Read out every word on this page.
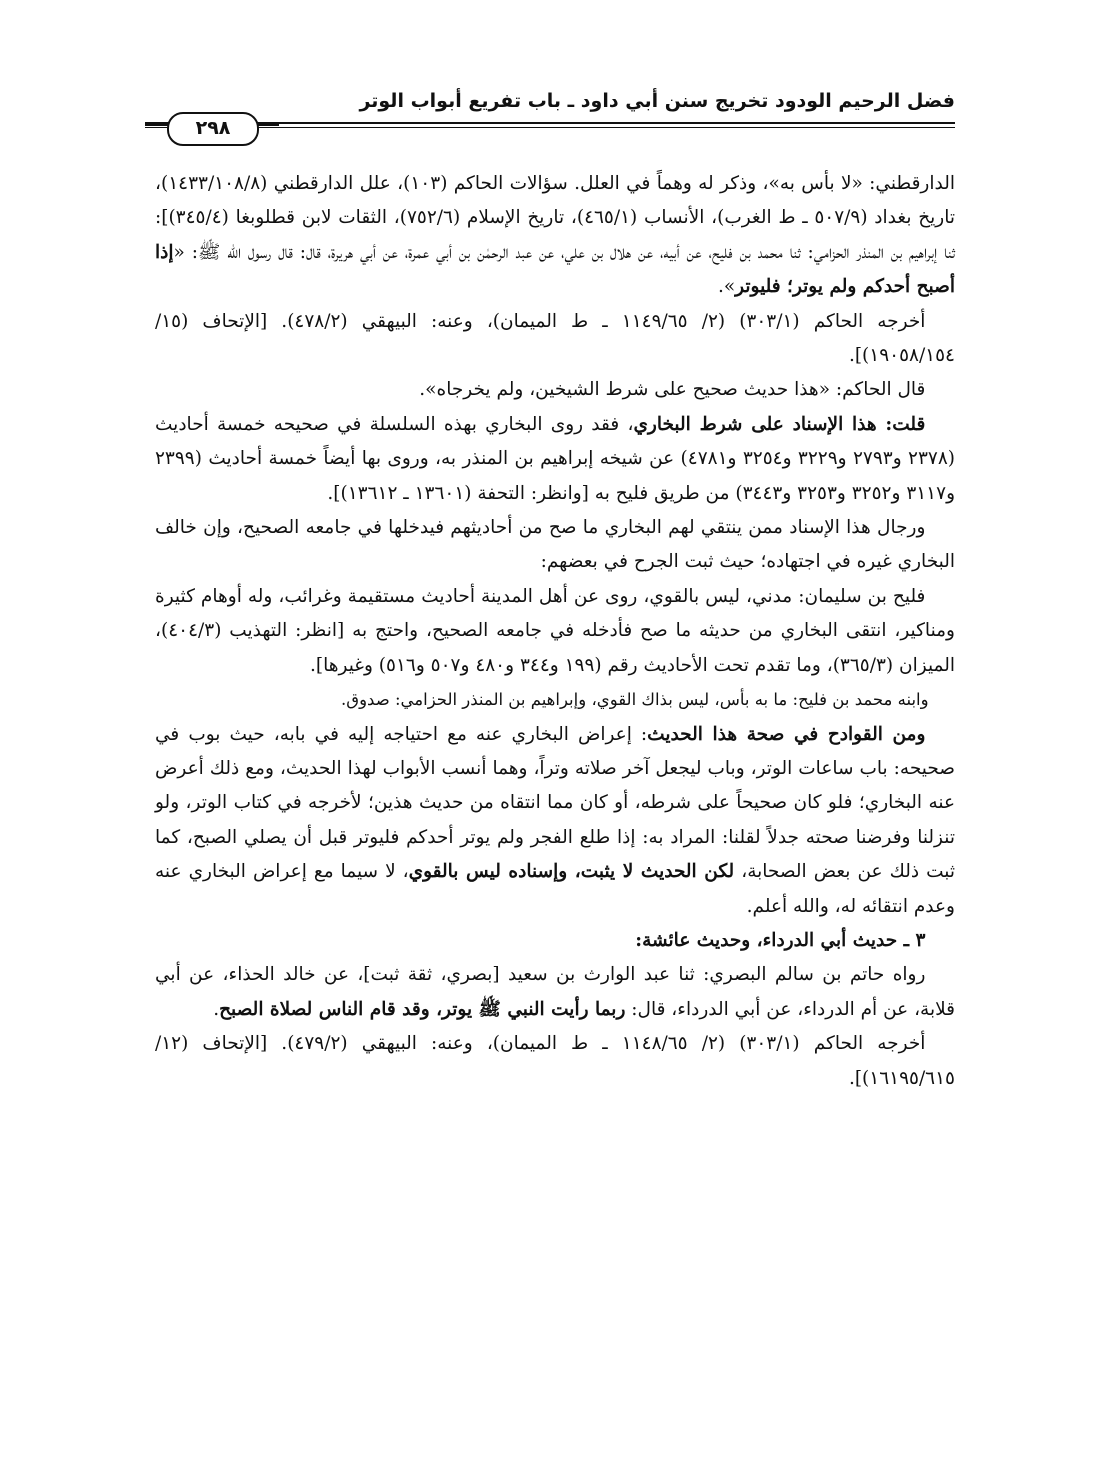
فضل الرحيم الودود تخريج سنن أبي داود ـ باب تفريع أبواب الوتر
٢٩٨

الدارقطني: «لا بأس به»، وذكر له وهماً في العلل. سؤالات الحاكم (١٠٣)، علل الدارقطني (١٤٣٣/١٠٨/٨)، تاريخ بغداد (٥٠٧/٩ ـ ط الغرب)، الأنساب (٤٦٥/١)، تاريخ الإسلام (٧٥٢/٦)، الثقات لابن قطلوبغا (٣٤٥/٤)]: ثنا إبراهيم بن المنذر الحزامي: ثنا محمد بن فليح، عن أبيه، عن هلال بن علي، عن عبد الرحمٰن بن أبي عمرة، عن أبي هريرة، قال: قال رسول الله ﷺ: «إذا أصبح أحدكم ولم يوتر؛ فليوتر».

أخرجه الحاكم (٣٠٣/١) (٢/ ١١٤٩/٦٥ ـ ط الميمان)، وعنه: البيهقي (٤٧٨/٢). [الإتحاف (١٥/ ١٩٠٥٨/١٥٤)].

قال الحاكم: «هذا حديث صحيح على شرط الشيخين، ولم يخرجاه».

قلت: هذا الإسناد على شرط البخاري، فقد روى البخاري بهذه السلسلة في صحيحه خمسة أحاديث (٢٣٧٨ و٢٧٩٣ و٣٢٢٩ و٣٢٥٤ و٤٧٨١) عن شيخه إبراهيم بن المنذر به، وروى بها أيضاً خمسة أحاديث (٢٣٩٩ و٣١١٧ و٣٢٥٢ و٣٢٥٣ و٣٤٤٣) من طريق فليح به [وانظر: التحفة (١٣٦٠١ ـ ١٣٦١٢)].

ورجال هذا الإسناد ممن ينتقي لهم البخاري ما صح من أحاديثهم فيدخلها في جامعه الصحيح، وإن خالف البخاري غيره في اجتهاده؛ حيث ثبت الجرح في بعضهم:

فليح بن سليمان: مدني، ليس بالقوي، روى عن أهل المدينة أحاديث مستقيمة وغرائب، وله أوهام كثيرة ومناكير، انتقى البخاري من حديثه ما صح فأدخله في جامعه الصحيح، واحتج به [انظر: التهذيب (٤٠٤/٣)، الميزان (٣٦٥/٣)، وما تقدم تحت الأحاديث رقم (١٩٩ و٣٤٤ و٤٨٠ و٥٠٧ و٥١٦) وغيرها].

وابنه محمد بن فليح: ما به بأس، ليس بذاك القوي، وإبراهيم بن المنذر الحزامي: صدوق.

ومن القوادح في صحة هذا الحديث: إعراض البخاري عنه مع احتياجه إليه في بابه، حيث بوب في صحيحه: باب ساعات الوتر، وباب ليجعل آخر صلاته وتراً، وهما أنسب الأبواب لهذا الحديث، ومع ذلك أعرض عنه البخاري؛ فلو كان صحيحاً على شرطه، أو كان مما انتقاه من حديث هذين؛ لأخرجه في كتاب الوتر، ولو تنزلنا وفرضنا صحته جدلاً لقلنا: المراد به: إذا طلع الفجر ولم يوتر أحدكم فليوتر قبل أن يصلي الصبح، كما ثبت ذلك عن بعض الصحابة، لكن الحديث لا يثبت، وإسناده ليس بالقوي، لا سيما مع إعراض البخاري عنه وعدم انتقائه له، والله أعلم.

٣ ـ حديث أبي الدرداء، وحديث عائشة:

رواه حاتم بن سالم البصري: ثنا عبد الوارث بن سعيد [بصري، ثقة ثبت]، عن خالد الحذاء، عن أبي قلابة، عن أم الدرداء، عن أبي الدرداء، قال: ربما رأيت النبي ﷺ يوتر، وقد قام الناس لصلاة الصبح.

أخرجه الحاكم (٣٠٣/١) (٢/ ١١٤٨/٦٥ ـ ط الميمان)، وعنه: البيهقي (٤٧٩/٢). [الإتحاف (١٢/ ١٦١٩٥/٦١٥)].
